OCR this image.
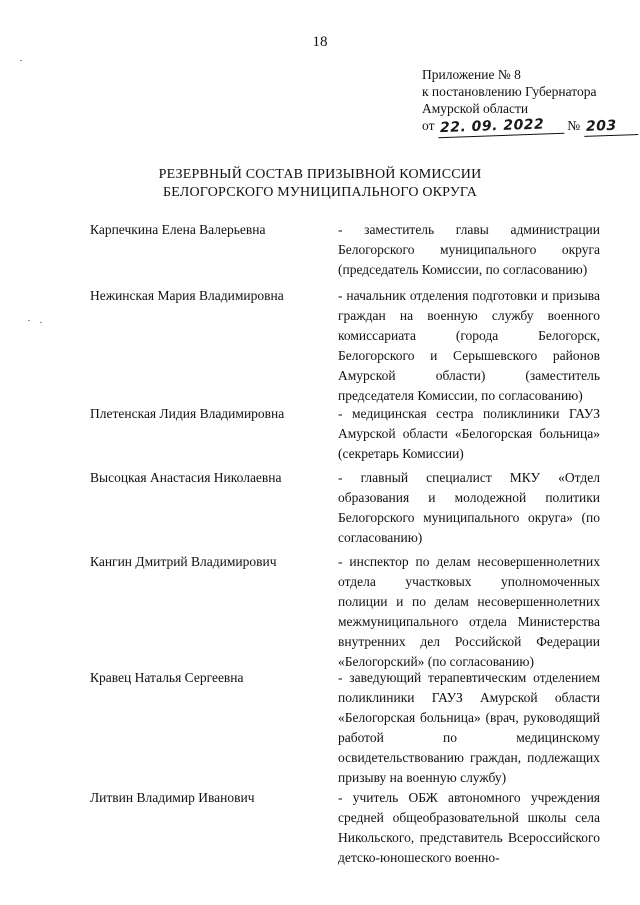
18
Приложение № 8
к постановлению Губернатора
Амурской области
от 22. 09. 2022 № 203
РЕЗЕРВНЫЙ СОСТАВ ПРИЗЫВНОЙ КОМИССИИ
БЕЛОГОРСКОГО МУНИЦИПАЛЬНОГО ОКРУГА
Карпечкина Елена Валерьевна	- заместитель главы администрации Белогорского муниципального округа (председатель Комиссии, по согласованию)
Нежинская Мария Владимировна	- начальник отделения подготовки и призыва граждан на военную службу военного комиссариата (города Белогорск, Белогорского и Серышевского районов Амурской области) (заместитель председателя Комиссии, по согласованию)
Плетенская Лидия Владимировна	- медицинская сестра поликлиники ГАУЗ Амурской области «Белогорская больница» (секретарь Комиссии)
Высоцкая Анастасия Николаевна	- главный специалист МКУ «Отдел образования и молодежной политики Белогорского муниципального округа» (по согласованию)
Кангин Дмитрий Владимирович	- инспектор по делам несовершеннолетних отдела участковых уполномоченных полиции и по делам несовершеннолетних межмуниципального отдела Министерства внутренних дел Российской Федерации «Белогорский» (по согласованию)
Кравец Наталья Сергеевна	- заведующий терапевтическим отделением поликлиники ГАУЗ Амурской области «Белогорская больница» (врач, руководящий работой по медицинскому освидетельствованию граждан, подлежащих призыву на военную службу)
Литвин Владимир Иванович	- учитель ОБЖ автономного учреждения средней общеобразовательной школы села Никольского, представитель Всероссийского детско-юношеского военно-
